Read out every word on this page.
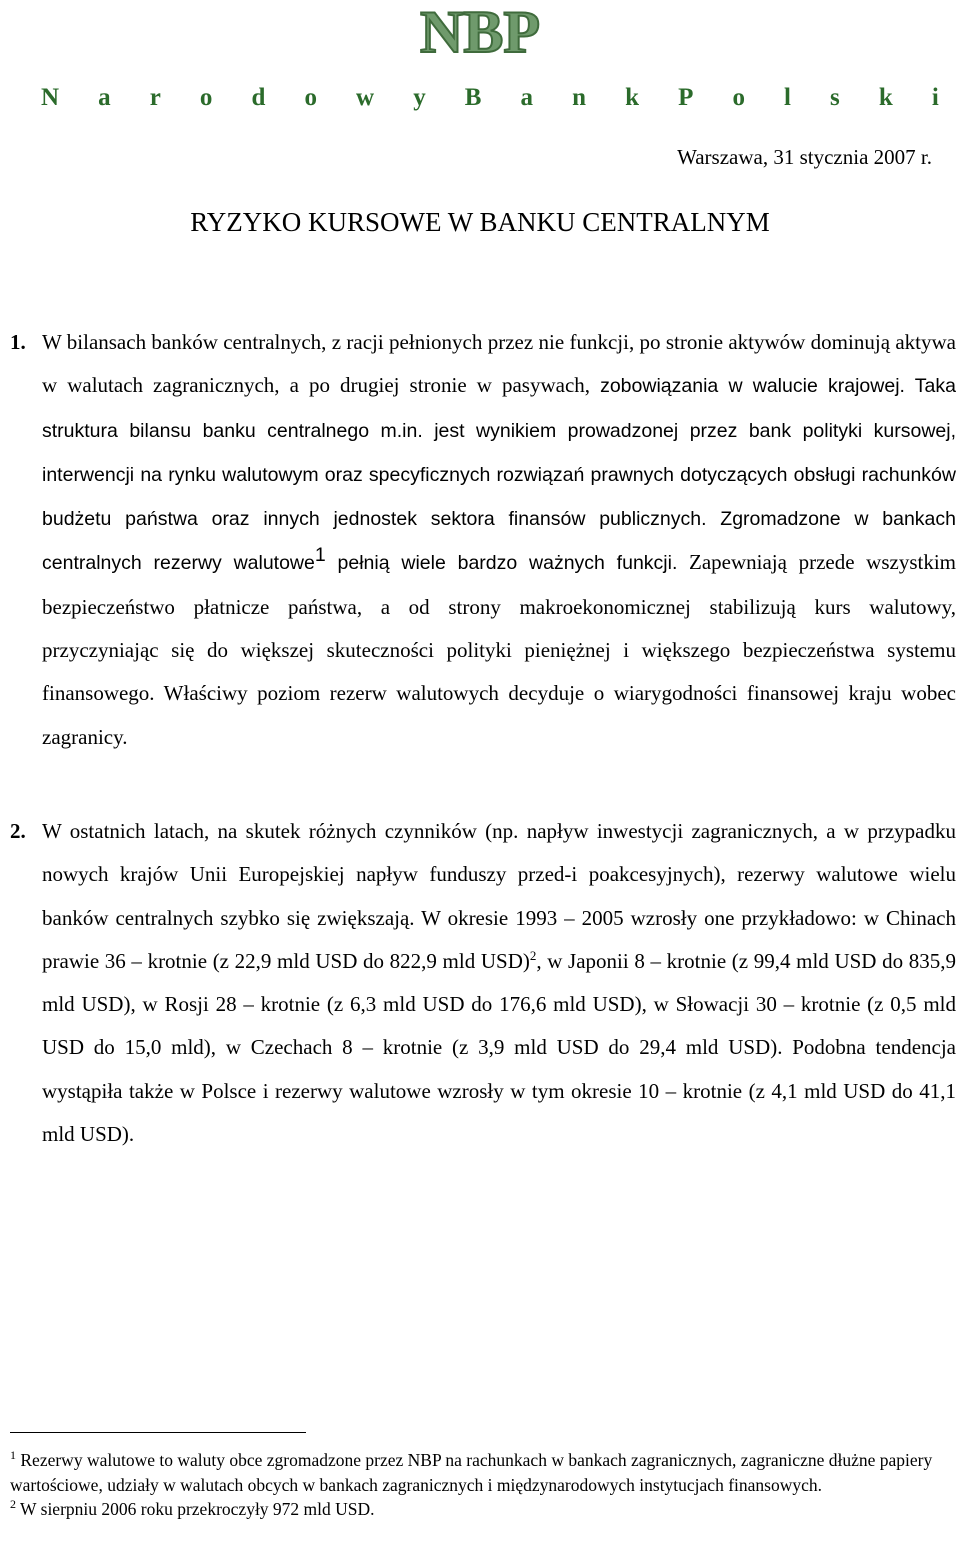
NBP
N a r o d o w y B a n k P o l s k i
Warszawa, 31 stycznia 2007 r.
RYZYKO KURSOWE W BANKU CENTRALNYM
1. W bilansach banków centralnych, z racji pełnionych przez nie funkcji, po stronie aktywów dominują aktywa w walutach zagranicznych, a po drugiej stronie w pasywach, zobowiązania w walucie krajowej. Taka struktura bilansu banku centralnego m.in. jest wynikiem prowadzonej przez bank polityki kursowej, interwencji na rynku walutowym oraz specyficznych rozwiązań prawnych dotyczących obsługi rachunków budżetu państwa oraz innych jednostek sektora finansów publicznych. Zgromadzone w bankach centralnych rezerwy walutowe$^1$ pełnią wiele bardzo ważnych funkcji. Zapewniają przede wszystkim bezpieczeństwo płatnicze państwa, a od strony makroekonomicznej stabilizują kurs walutowy, przyczyniając się do większej skuteczności polityki pieniężnej i większego bezpieczeństwa systemu finansowego. Właściwy poziom rezerw walutowych decyduje o wiarygodności finansowej kraju wobec zagranicy.

2. W ostatnich latach, na skutek różnych czynników (np. napływ inwestycji zagranicznych, a w przypadku nowych krajów Unii Europejskiej napływ funduszy przed-i poakcesyjnych), rezerwy walutowe wielu banków centralnych szybko się zwiększają. W okresie 1993 – 2005 wzrosły one przykładowo: w Chinach prawie 36 – krotnie (z 22,9 mld USD do 822,9 mld USD)$^2$, w Japonii 8 – krotnie (z 99,4 mld USD do 835,9 mld USD), w Rosji 28 – krotnie (z 6,3 mld USD do 176,6 mld USD), w Słowacji 30 – krotnie (z 0,5 mld USD do 15,0 mld), w Czechach 8 – krotnie (z 3,9 mld USD do 29,4 mld USD). Podobna tendencja wystąpiła także w Polsce i rezerwy walutowe wzrosły w tym okresie 10 – krotnie (z 4,1 mld USD do 41,1 mld USD).

$^1$ Rezerwy walutowe to waluty obce zgromadzone przez NBP na rachunkach w bankach zagranicznych, zagraniczne dłużne papiery wartościowe, udziały w walutach obcych w bankach zagranicznych i międzynarodowych instytucjach finansowych.

$^2$ W sierpniu 2006 roku przekroczyły 972 mld USD.
